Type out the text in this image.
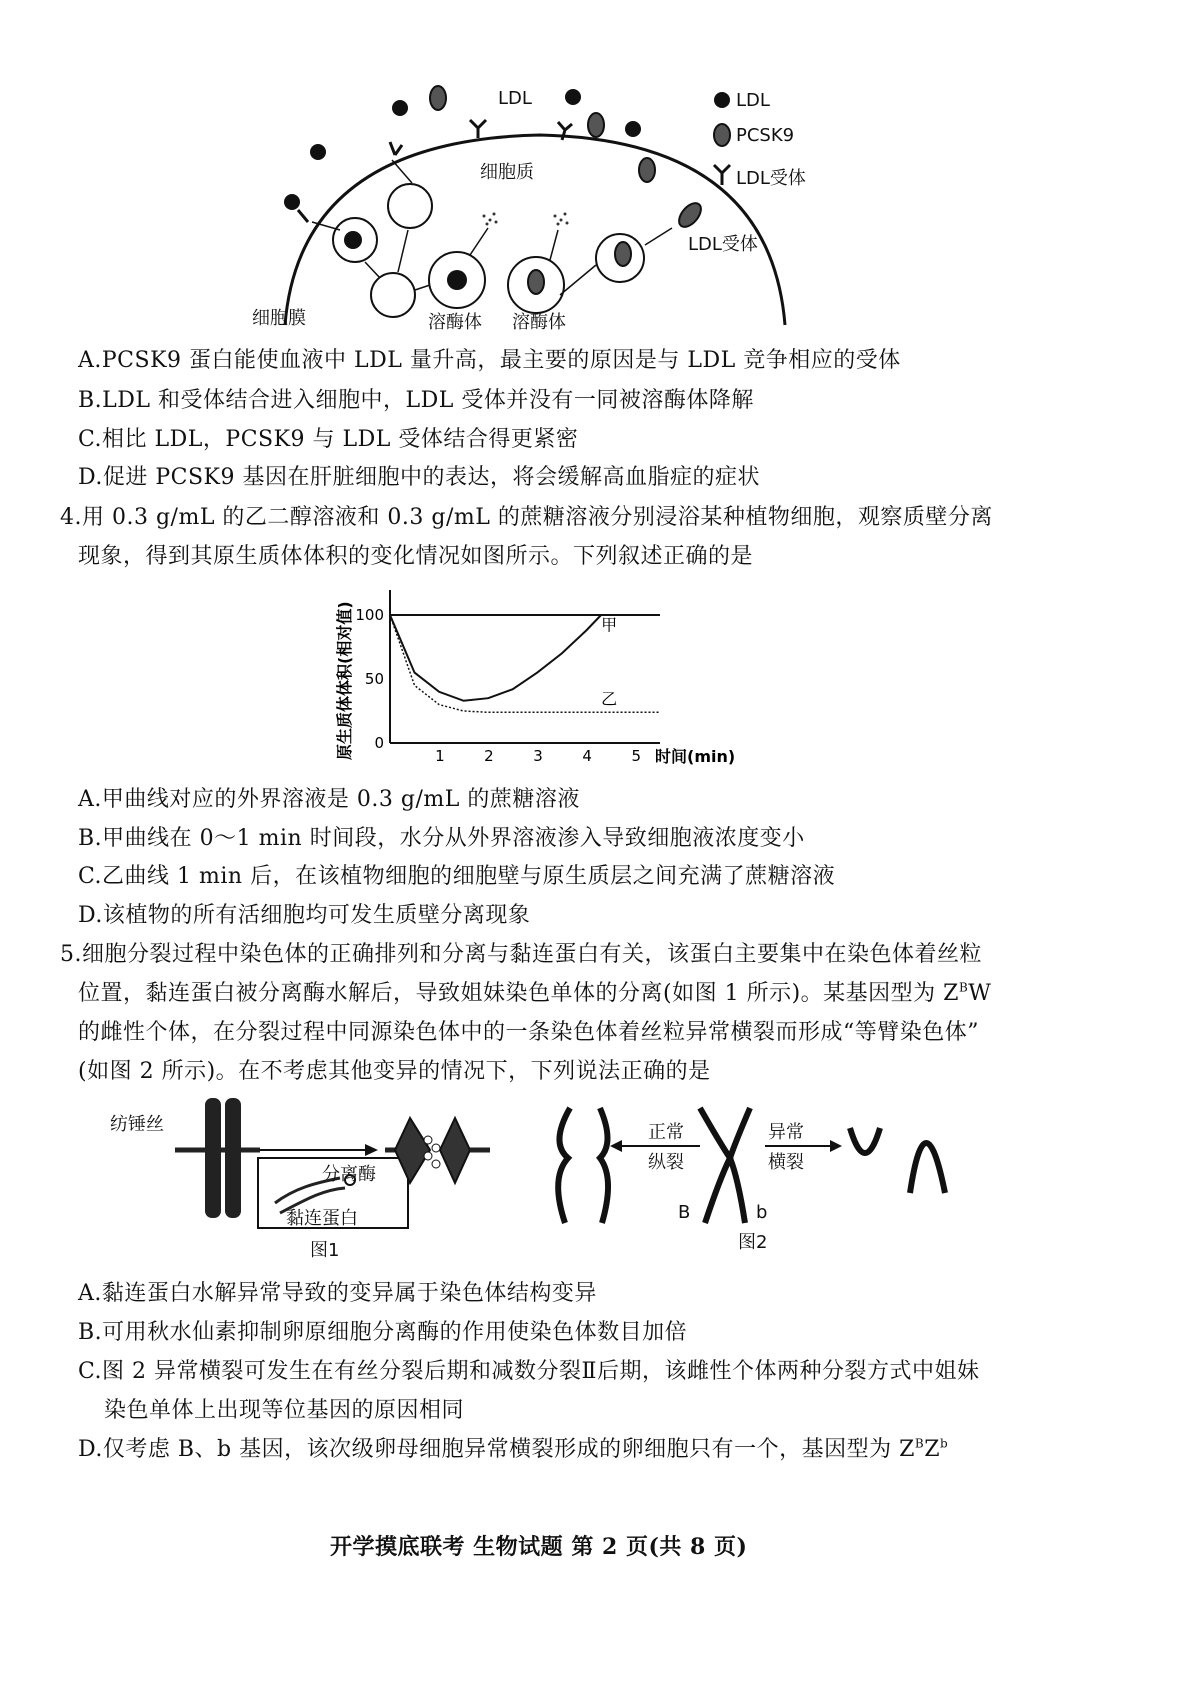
LDL
细胞质
LDL受体
细胞膜	溶酶体 溶酶体
LDL
PCSK9
LDL受体
A.PCSK9 蛋白能使血液中 LDL 量升高，最主要的原因是与 LDL 竞争相应的受体
B.LDL 和受体结合进入细胞中，LDL 受体并没有一同被溶酶体降解
C.相比 LDL，PCSK9 与 LDL 受体结合得更紧密
D.促进 PCSK9 基因在肝脏细胞中的表达，将会缓解高血脂症的症状
4.用 0.3 g/mL 的乙二醇溶液和 0.3 g/mL 的蔗糖溶液分别浸浴某种植物细胞，观察质壁分离
现象，得到其原生质体体积的变化情况如图所示。下列叙述正确的是
甲
乙
1	2	3	4	5
0
50
100
原生质体体积(相对值)	时间(min)
A.甲曲线对应的外界溶液是 0.3 g/mL 的蔗糖溶液
B.甲曲线在 0～1 min 时间段，水分从外界溶液渗入导致细胞液浓度变小
C.乙曲线 1 min 后，在该植物细胞的细胞壁与原生质层之间充满了蔗糖溶液
D.该植物的所有活细胞均可发生质壁分离现象
5.细胞分裂过程中染色体的正确排列和分离与黏连蛋白有关，该蛋白主要集中在染色体着丝粒
位置，黏连蛋白被分离酶水解后，导致姐妹染色单体的分离(如图 1 所示)。某基因型为 $Z^BW$
的雌性个体，在分裂过程中同源染色体中的一条染色体着丝粒异常横裂而形成“等臂染色体”
(如图 2 所示)。在不考虑其他变异的情况下，下列说法正确的是
纺锤丝
分离酶
黏连蛋白
图1
正常
纵裂
异常
横裂
B	b
图2
A.黏连蛋白水解异常导致的变异属于染色体结构变异
B.可用秋水仙素抑制卵原细胞分离酶的作用使染色体数目加倍
C.图 2 异常横裂可发生在有丝分裂后期和减数分裂Ⅱ后期，该雌性个体两种分裂方式中姐妹
染色单体上出现等位基因的原因相同
D.仅考虑 B、b 基因，该次级卵母细胞异常横裂形成的卵细胞只有一个，基因型为 $Z^BZ^b$
开学摸底联考 生物试题 第 2 页(共 8 页)
